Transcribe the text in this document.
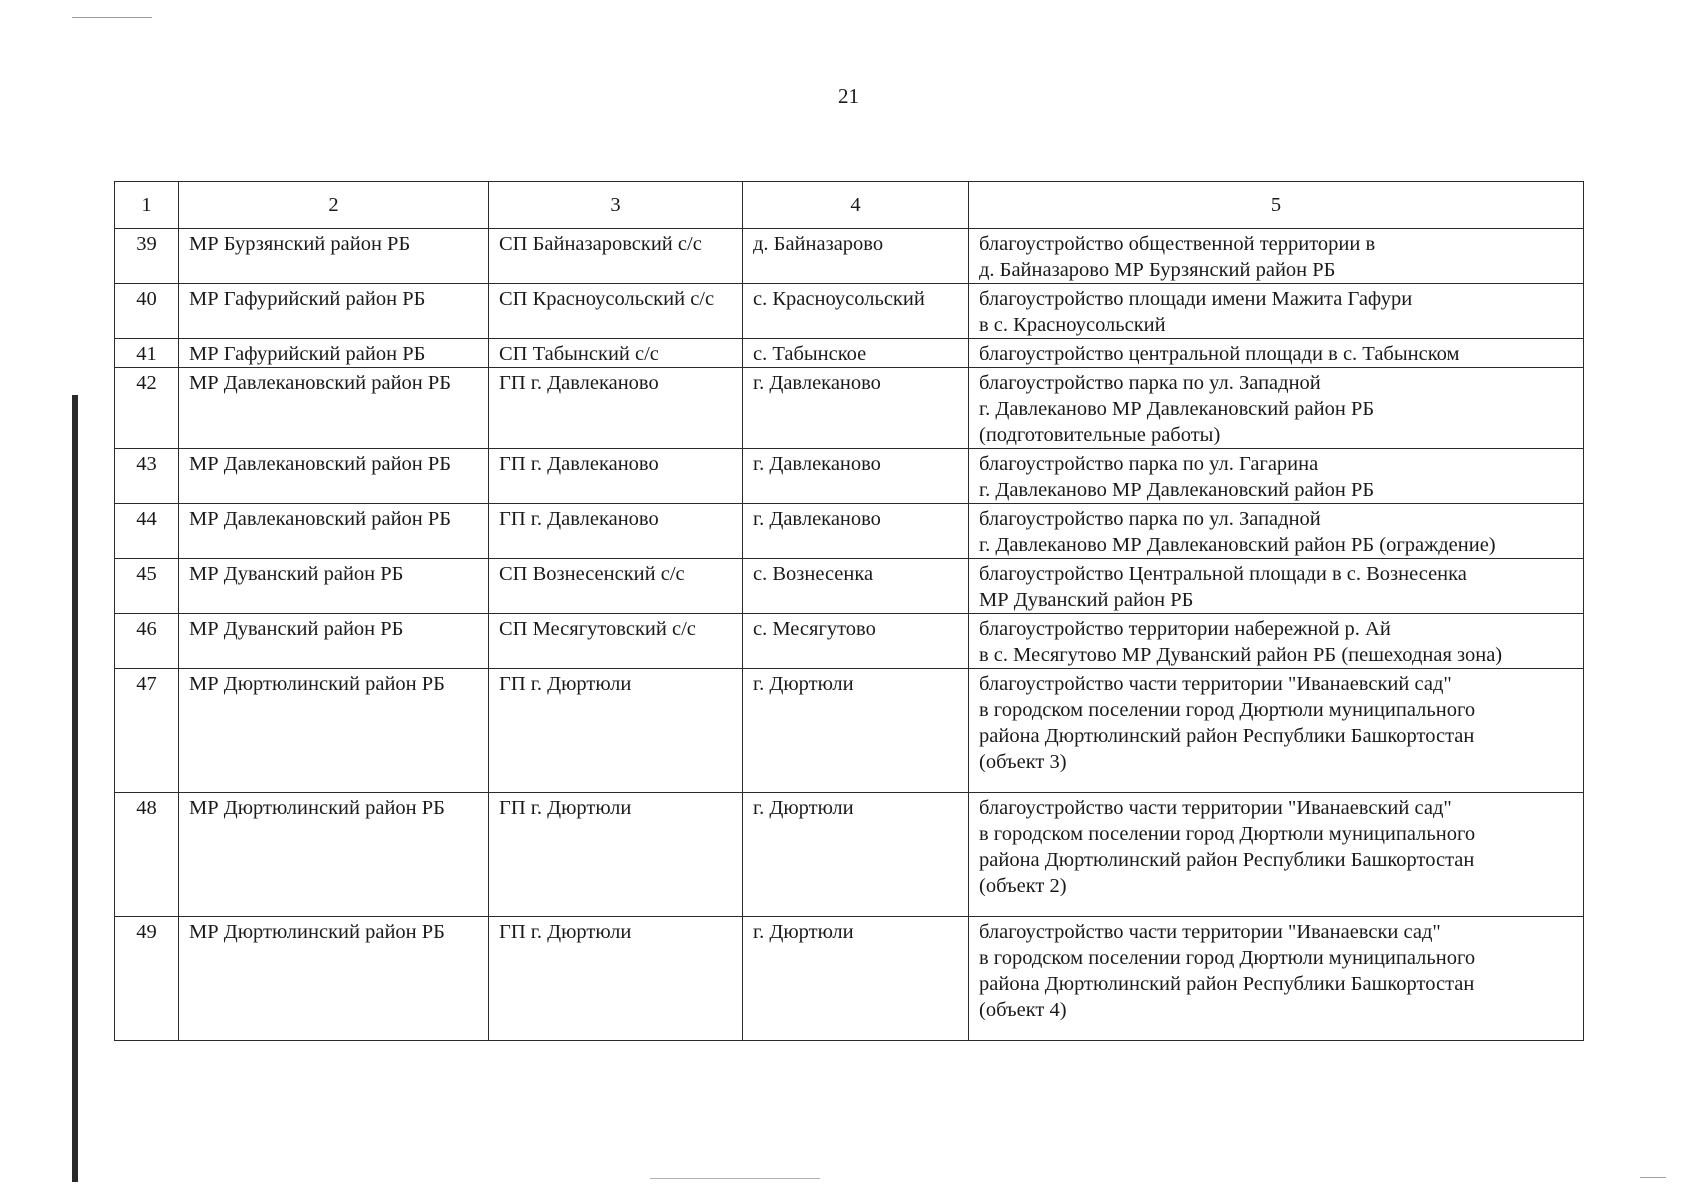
21
1	2	3	4	5
39	МР Бурзянский район РБ	СП Байназаровский с/с	д. Байназарово	благоустройство общественной территории в
д. Байназарово МР Бурзянский район РБ

40	МР Гафурийский район РБ	СП Красноусольский с/с	с. Красноусольский	благоустройство площади имени Мажита Гафури
в с. Красноусольский

41	МР Гафурийский район РБ	СП Табынский с/с	с. Табынское	благоустройство центральной площади в с. Табынском

42	МР Давлекановский район РБ	ГП г. Давлеканово	г. Давлеканово	благоустройство парка по ул. Западной
г. Давлеканово МР Давлекановский район РБ
(подготовительные работы)

43	МР Давлекановский район РБ	ГП г. Давлеканово	г. Давлеканово	благоустройство парка по ул. Гагарина
г. Давлеканово МР Давлекановский район РБ

44	МР Давлекановский район РБ	ГП г. Давлеканово	г. Давлеканово	благоустройство парка по ул. Западной
г. Давлеканово МР Давлекановский район РБ (ограждение)

45	МР Дуванский район РБ	СП Вознесенский с/с	с. Вознесенка	благоустройство Центральной площади в с. Вознесенка
МР Дуванский район РБ

46	МР Дуванский район РБ	СП Месягутовский с/с	с. Месягутово	благоустройство территории набережной р. Ай
в с. Месягутово МР Дуванский район РБ (пешеходная зона)

47	МР Дюртюлинский район РБ	ГП г. Дюртюли	г. Дюртюли	благоустройство части территории "Иванаевский сад"
в городском поселении город Дюртюли муниципального
района Дюртюлинский район Республики Башкортостан
(объект 3)

48	МР Дюртюлинский район РБ	ГП г. Дюртюли	г. Дюртюли	благоустройство части территории "Иванаевский сад"
в городском поселении город Дюртюли муниципального
района Дюртюлинский район Республики Башкортостан
(объект 2)

49	МР Дюртюлинский район РБ	ГП г. Дюртюли	г. Дюртюли	благоустройство части территории "Иванаевски сад"
в городском поселении город Дюртюли муниципального
района Дюртюлинский район Республики Башкортостан
(объект 4)
